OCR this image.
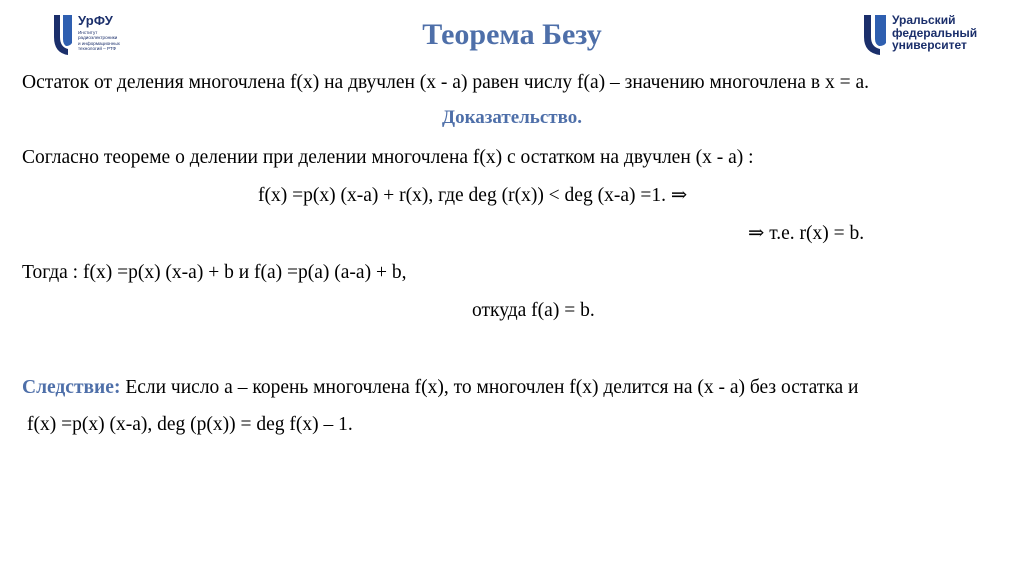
УрФУ
Институт
радиоэлектроники
и информационных
технологий – РТФ	Теорема Безу	Уральский
федеральный
университет
Остаток от деления многочлена f(x) на двучлен (x - a) равен числу f(a) – значению многочлена в x = a.
Доказательство.
Согласно теореме о делении при делении многочлена f(x) с остатком на двучлен (x - a) :
f(x) =p(x) (x-a) + r(x), где deg (r(x)) < deg (x-a) =1. ⇒
⇒ т.е. r(x) = b.
Тогда : f(x) =p(x) (x-a) + b и f(a) =p(a) (a-a) + b,
откуда f(a) = b.
Следствие: Если число a – корень многочлена f(x), то многочлен f(x) делится на (x - a) без остатка и
f(x) =p(x) (x-a), deg (p(x)) = deg f(x) – 1.
